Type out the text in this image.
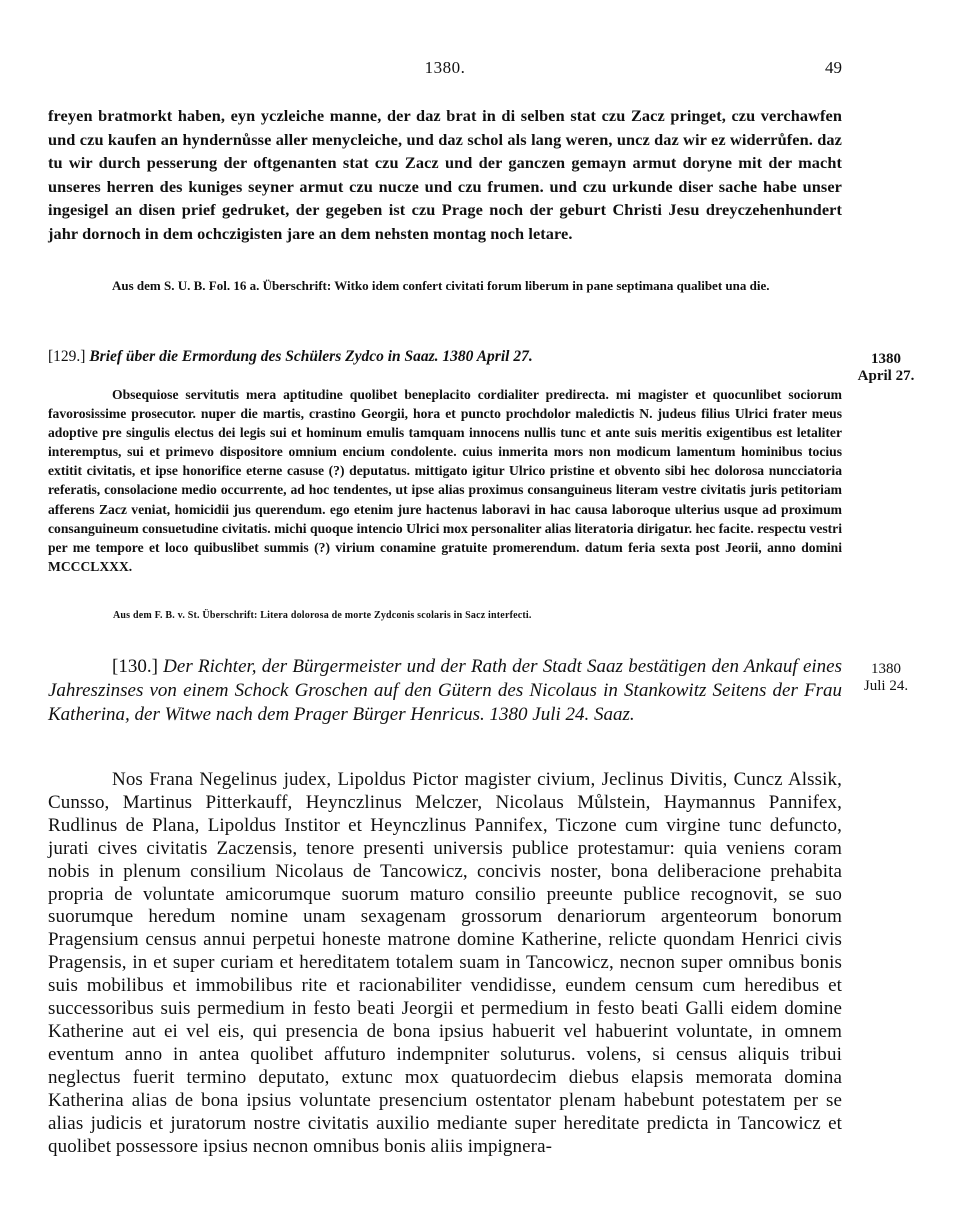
1380.	49
freyen bratmorkt haben, eyn yczleiche manne, der daz brat in di selben stat czu Zacz pringet, czu verchawfen und czu kaufen an hyndernůsse aller menycleiche, und daz schol als lang weren, uncz daz wir ez widerrůfen. daz tu wir durch pesserung der oftgenanten stat czu Zacz und der ganczen gemayn armut doryne mit der macht unseres herren des kuniges seyner armut czu nucze und czu frumen. und czu urkunde diser sache habe unser ingesigel an disen prief gedruket, der gegeben ist czu Prage noch der geburt Christi Jesu dreyczehenhundert jahr dornoch in dem ochczigisten jare an dem nehsten montag noch letare.
Aus dem S. U. B. Fol. 16 a. Überschrift: Witko idem confert civitati forum liberum in pane septimana qualibet una die.
[129.] Brief über die Ermordung des Schülers Zydco in Saaz. 1380 April 27.	1380
April 27.
Obsequiose servitutis mera aptitudine quolibet beneplacito cordialiter predirecta. mi magister et quocunlibet sociorum favorosissime prosecutor. nuper die martis, crastino Georgii, hora et puncto prochdolor maledictis N. judeus filius Ulrici frater meus adoptive pre singulis electus dei legis sui et hominum emulis tamquam innocens nullis tunc et ante suis meritis exigentibus est letaliter interemptus, sui et primevo dispositore omnium encium condolente. cuius inmerita mors non modicum lamentum hominibus tocius extitit civitatis, et ipse honorifice eterne casuse (?) deputatus. mittigato igitur Ulrico pristine et obvento sibi hec dolorosa nuncciatoria referatis, consolacione medio occurrente, ad hoc tendentes, ut ipse alias proximus consanguineus literam vestre civitatis juris petitoriam afferens Zacz veniat, homicidii jus querendum. ego etenim jure hactenus laboravi in hac causa laboroque ulterius usque ad proximum consanguineum consuetudine civitatis. michi quoque intencio Ulrici mox personaliter alias literatoria dirigatur. hec facite. respectu vestri per me tempore et loco quibuslibet summis (?) virium conamine gratuite promerendum. datum feria sexta post Jeorii, anno domini MCCCLXXX.
Aus dem F. B. v. St. Überschrift: Litera dolorosa de morte Zydconis scolaris in Sacz interfecti.
[130.] Der Richter, der Bürgermeister und der Rath der Stadt Saaz bestätigen den Ankauf eines Jahreszinses von einem Schock Groschen auf den Gütern des Nicolaus in Stankowitz Seitens der Frau Katherina, der Witwe nach dem Prager Bürger Henricus. 1380 Juli 24. Saaz.
1380
Juli 24.
Nos Frana Negelinus judex, Lipoldus Pictor magister civium, Jeclinus Divitis, Cuncz Alssik, Cunsso, Martinus Pitterkauff, Heynczlinus Melczer, Nicolaus Můlstein, Haymannus Pannifex, Rudlinus de Plana, Lipoldus Institor et Heynczlinus Pannifex, Ticzone cum virgine tunc defuncto, jurati cives civitatis Zaczensis, tenore presenti universis publice protestamur: quia veniens coram nobis in plenum consilium Nicolaus de Tancowicz, concivis noster, bona deliberacione prehabita propria de voluntate amicorumque suorum maturo consilio preeunte publice recognovit, se suo suorumque heredum nomine unam sexagenam grossorum denariorum argenteorum bonorum Pragensium census annui perpetui honeste matrone domine Katherine, relicte quondam Henrici civis Pragensis, in et super curiam et hereditatem totalem suam in Tancowicz, necnon super omnibus bonis suis mobilibus et immobilibus rite et racionabiliter vendidisse, eundem censum cum heredibus et successoribus suis permedium in festo beati Jeorgii et permedium in festo beati Galli eidem domine Katherine aut ei vel eis, qui presencia de bona ipsius habuerit vel habuerint voluntate, in omnem eventum anno in antea quolibet affuturo indempniter soluturus. volens, si census aliquis tribui neglectus fuerit termino deputato, extunc mox quatuordecim diebus elapsis memorata domina Katherina alias de bona ipsius voluntate presencium ostentator plenam habebunt potestatem per se alias judicis et juratorum nostre civitatis auxilio mediante super hereditate predicta in Tancowicz et quolibet possessore ipsius necnon omnibus bonis aliis impignera-
